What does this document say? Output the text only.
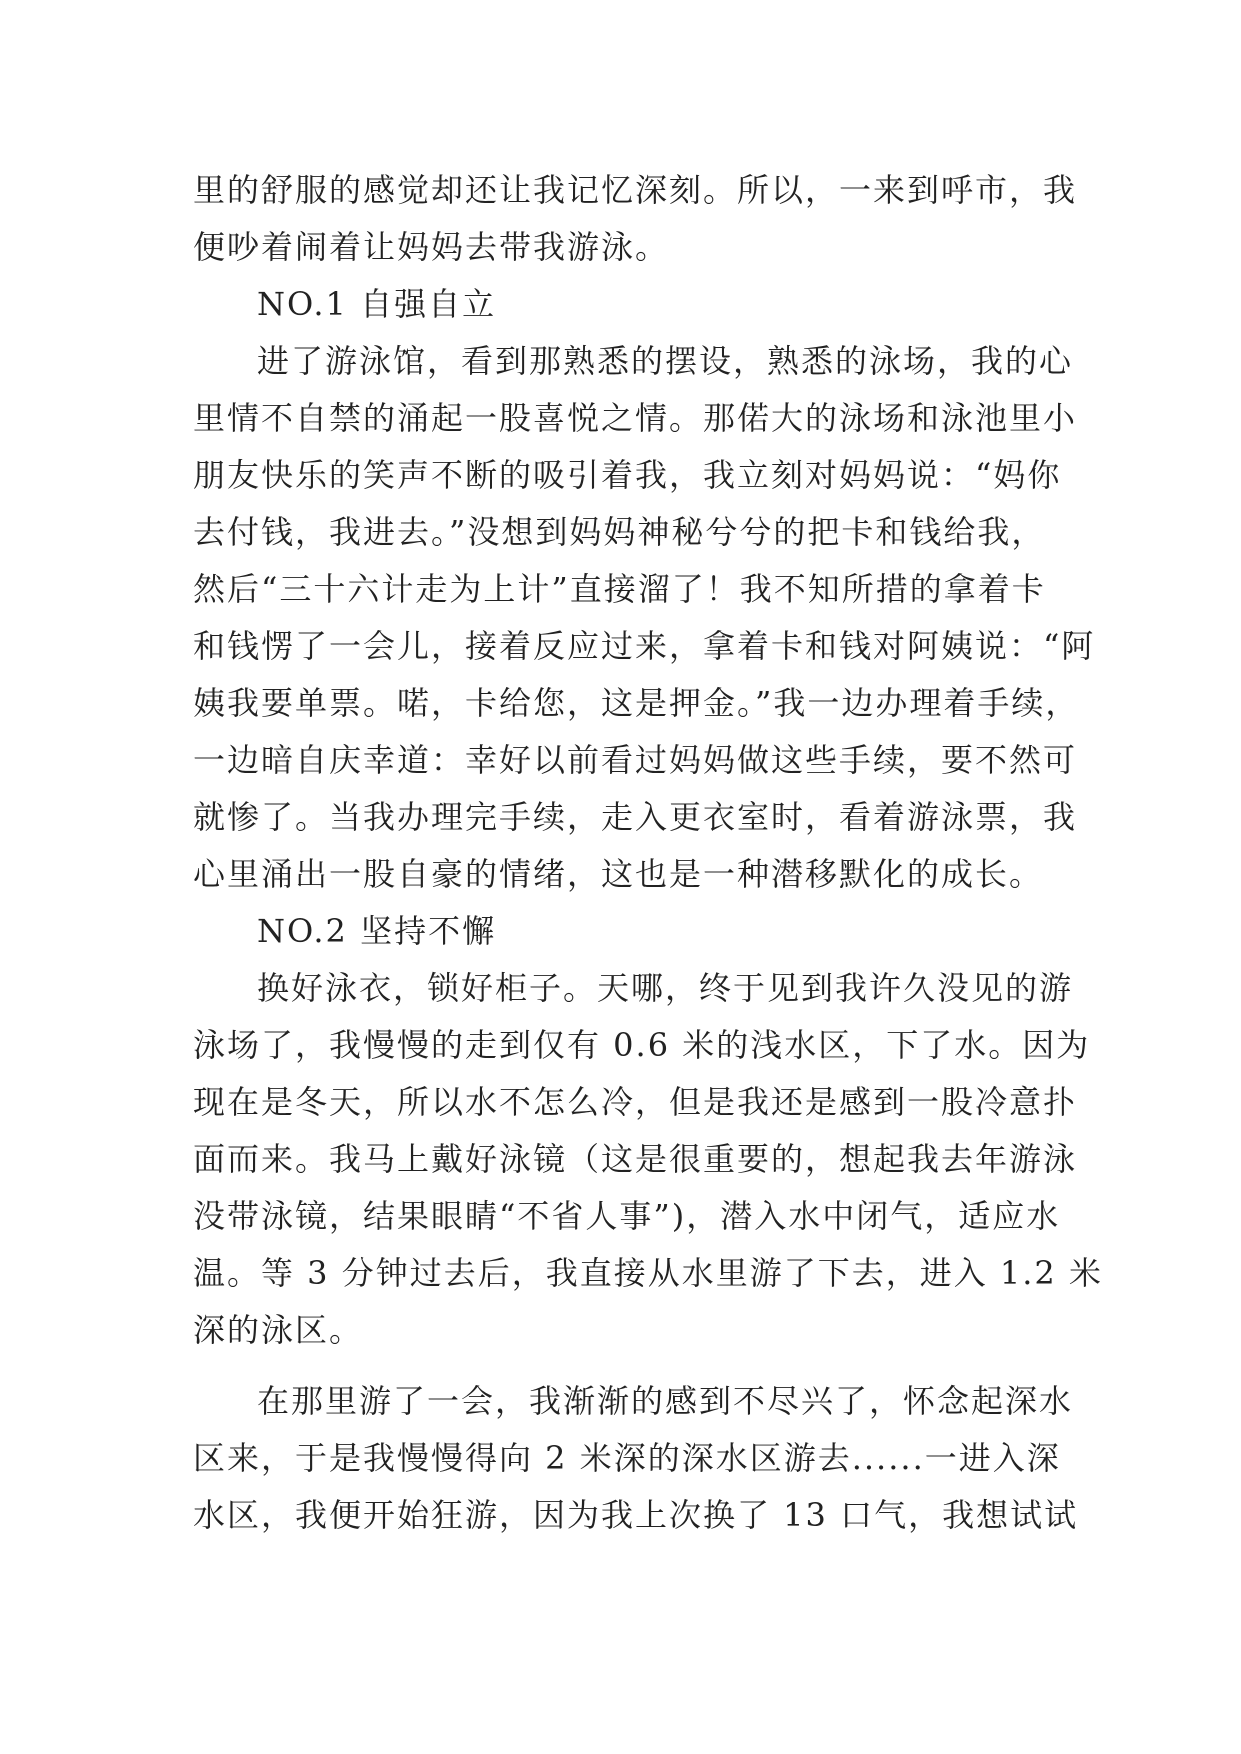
里的舒服的感觉却还让我记忆深刻。所以，一来到呼市，我
便吵着闹着让妈妈去带我游泳。
NO.1 自强自立
进了游泳馆，看到那熟悉的摆设，熟悉的泳场，我的心
里情不自禁的涌起一股喜悦之情。那偌大的泳场和泳池里小
朋友快乐的笑声不断的吸引着我，我立刻对妈妈说：“妈你
去付钱，我进去。”没想到妈妈神秘兮兮的把卡和钱给我，
然后“三十六计走为上计”直接溜了！我不知所措的拿着卡
和钱愣了一会儿，接着反应过来，拿着卡和钱对阿姨说：“阿
姨我要单票。喏，卡给您，这是押金。”我一边办理着手续，
一边暗自庆幸道：幸好以前看过妈妈做这些手续，要不然可
就惨了。当我办理完手续，走入更衣室时，看着游泳票，我
心里涌出一股自豪的情绪，这也是一种潜移默化的成长。
NO.2 坚持不懈
换好泳衣，锁好柜子。天哪，终于见到我许久没见的游
泳场了，我慢慢的走到仅有 0.6 米的浅水区，下了水。因为
现在是冬天，所以水不怎么冷，但是我还是感到一股冷意扑
面而来。我马上戴好泳镜（这是很重要的，想起我去年游泳
没带泳镜，结果眼睛“不省人事”)，潜入水中闭气，适应水
温。等 3 分钟过去后，我直接从水里游了下去，进入 1.2 米
深的泳区。
在那里游了一会，我渐渐的感到不尽兴了，怀念起深水
区来，于是我慢慢得向 2 米深的深水区游去......一进入深
水区，我便开始狂游，因为我上次换了 13 口气，我想试试
